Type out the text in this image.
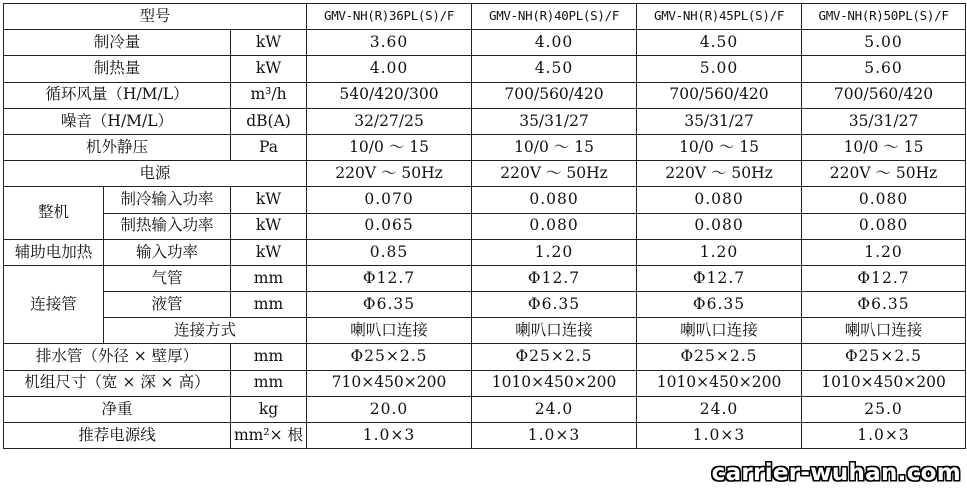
型号			GMV-NH(R)36PL(S)/F	GMV-NH(R)40PL(S)/F	GMV-NH(R)45PL(S)/F	GMV-NH(R)50PL(S)/F
制冷量		kW	3.60	4.00	4.50	5.00
制热量		kW	4.00	4.50	5.00	5.60
循环风量（H/M/L）		m³/h	540/420/300	700/560/420	700/560/420	700/560/420
噪音（H/M/L）		dB(A)	32/27/25	35/31/27	35/31/27	35/31/27
机外静压		Pa	10/0 ～ 15	10/0 ～ 15	10/0 ～ 15	10/0 ～ 15
电源			220V ～ 50Hz	220V ～ 50Hz	220V ～ 50Hz	220V ～ 50Hz
整机	制冷输入功率	kW	0.070	0.080	0.080	0.080
	制热输入功率	kW	0.065	0.080	0.080	0.080
辅助电加热	输入功率	kW	0.85	1.20	1.20	1.20
连接管	气管	mm	Φ12.7	Φ12.7	Φ12.7	Φ12.7
	液管	mm	Φ6.35	Φ6.35	Φ6.35	Φ6.35
	连接方式		喇叭口连接	喇叭口连接	喇叭口连接	喇叭口连接
排水管（外径 × 壁厚）		mm	Φ25×2.5	Φ25×2.5	Φ25×2.5	Φ25×2.5
机组尺寸（宽 × 深 × 高）		mm	710×450×200	1010×450×200	1010×450×200	1010×450×200
净重		kg	20.0	24.0	24.0	25.0
推荐电源线		mm²× 根	1.0×3	1.0×3	1.0×3	1.0×3
carrier-wuhan.com
